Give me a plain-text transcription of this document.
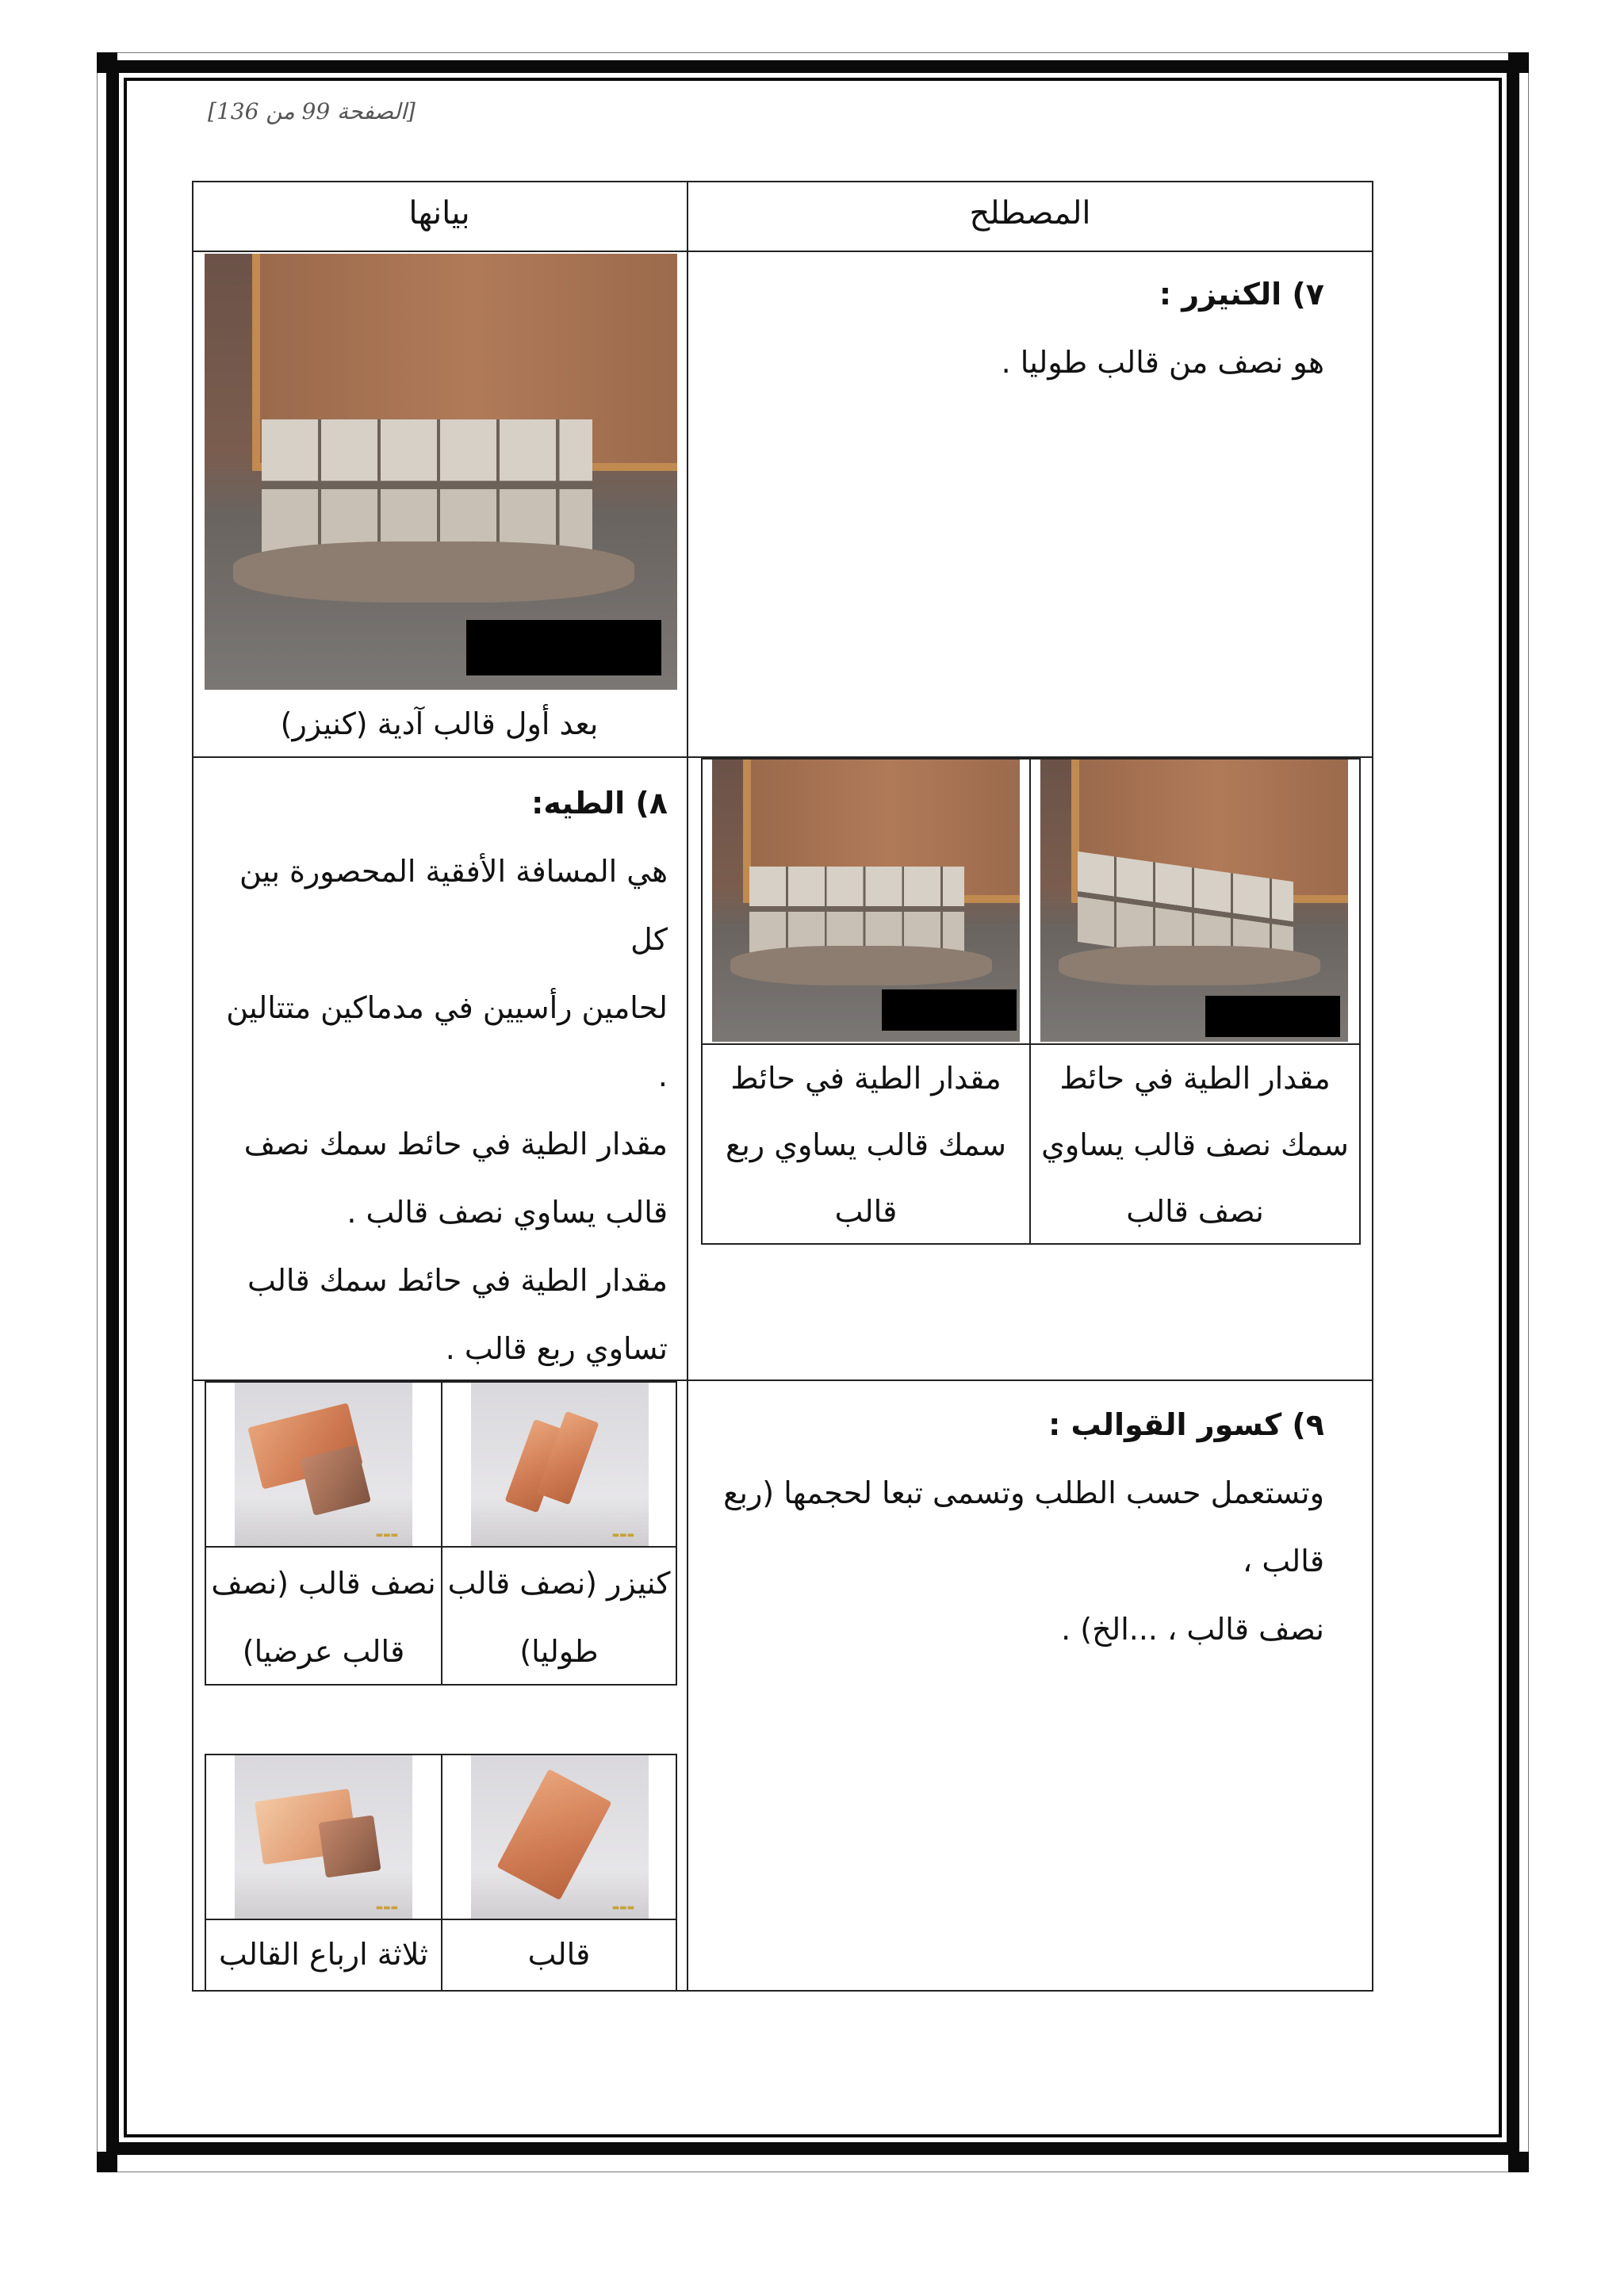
[الصفحة 99 من 136]
المصطلح
بيانها
٧) الكنيزر :
هو نصف من قالب طوليا .
بعد أول قالب آدية (كنيزر)
٨) الطيه:
هي المسافة الأفقية المحصورة بين كل
لحامين رأسيين في مدماكين متتالين .
مقدار الطية في حائط سمك نصف
قالب يساوي نصف قالب .
مقدار الطية في حائط سمك قالب
تساوي ربع قالب .
مقدار الطية في حائط سمك نصف قالب يساوي نصف قالب
مقدار الطية في حائط سمك قالب يساوي ربع قالب
٩) كسور القوالب :
وتستعمل حسب الطلب وتسمى تبعا لحجمها (ربع قالب ،
نصف قالب ، ...الخ) .
▬▬▬
▬▬▬
كنيزر (نصف قالب طوليا)
نصف قالب (نصف قالب عرضيا)
▬▬▬
▬▬▬
قالب
ثلاثة ارباع القالب
